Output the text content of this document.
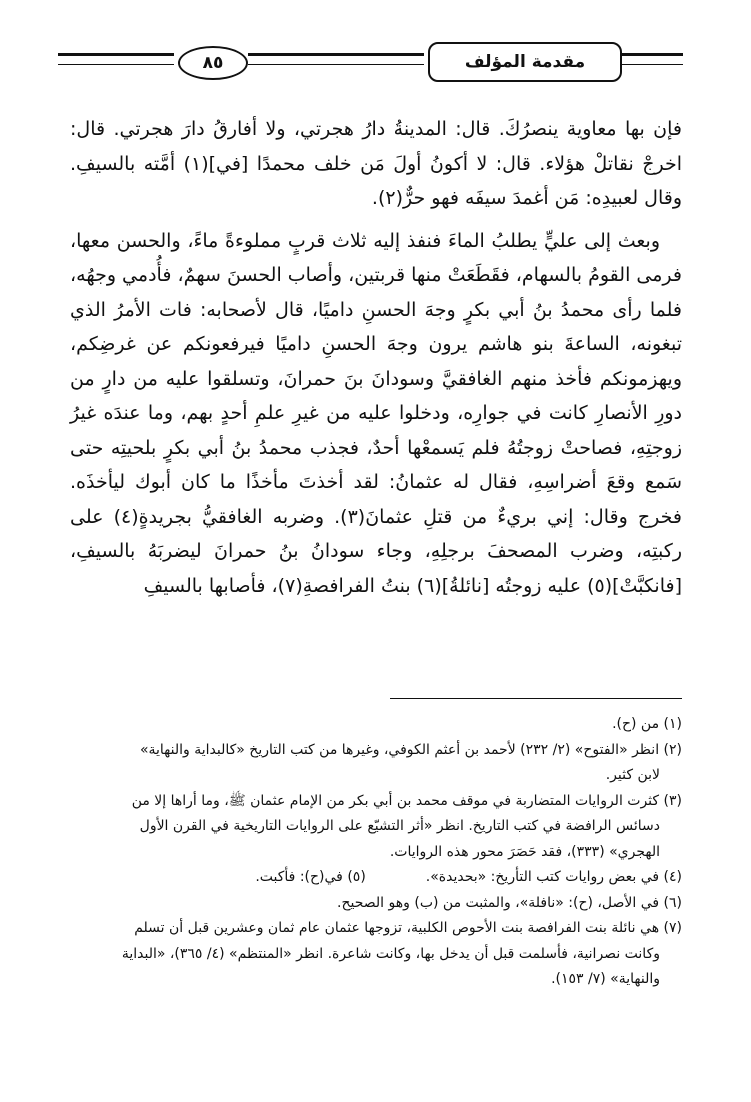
٨٥	مقدمة المؤلف

فإن بها معاوية ينصرُكَ. قال: المدينةُ دارُ هجرتي، ولا أفارقُ دارَ هجرتي. قال: اخرجْ نقاتلْ هؤلاء. قال: لا أكونُ أولَ مَن خلف محمدًا [في](١) أمَّته بالسيفِ. وقال لعبيدِه: مَن أغمدَ سيفَه فهو حرٌّ(٢).

وبعث إلى عليٍّ يطلبُ الماءَ فنفذ إليه ثلاث قربٍ مملوءةً ماءً، والحسن معها، فرمى القومُ بالسهام، فقَطَعَتْ منها قربتين، وأصاب الحسنَ سهمٌ، فأُدمي وجهُه، فلما رأى محمدُ بنُ أبي بكرٍ وجهَ الحسنِ داميًا، قال لأصحابه: فات الأمرُ الذي تبغونه، الساعةَ بنو هاشم يرون وجهَ الحسنِ داميًا فيرفعونكم عن غرضِكم، ويهزمونكم فأخذ منهم الغافقيَّ وسودانَ بنَ حمرانَ، وتسلقوا عليه من دارٍ من دورِ الأنصارِ كانت في جوارِه، ودخلوا عليه من غيرِ علمِ أحدٍ بهم، وما عندَه غيرُ زوجتِهِ، فصاحتْ زوجتُهُ فلم يَسمعْها أحدٌ، فجذب محمدُ بنُ أبي بكرٍ بلحيتِه حتى سَمع وقعَ أضراسِهِ، فقال له عثمانُ: لقد أخذتَ مأخذًا ما كان أبوك ليأخذَه. فخرج وقال: إني بريءٌ من قتلِ عثمانَ(٣). وضربه الغافقيُّ بجريدةٍ(٤) على ركبتِه، وضرب المصحفَ برجلِهِ، وجاء سودانُ بنُ حمرانَ ليضربَهُ بالسيفِ، [فانكبَّتْ](٥) عليه زوجتُه [نائلةُ](٦) بنتُ الفرافصةِ(٧)، فأصابها بالسيفِ

(١) من (ح).

(٢) انظر «الفتوح» (٢/ ٢٣٢) لأحمد بن أعثم الكوفي، وغيرها من كتب التاريخ «كالبداية والنهاية»

لابن كثير.

(٣) كثرت الروايات المتضاربة في موقف محمد بن أبي بكر من الإمام عثمان ﷺ، وما أراها إلا من

دسائس الرافضة في كتب التاريخ. انظر «أثر التشيّع على الروايات التاريخية في القرن الأول

الهجري» (٣٣٣)، فقد حَصَرَ محور هذه الروايات.

(٤) في بعض روايات كتب التأريخ: «بحديدة».

(٥) في(ح): فأكبت.

(٦) في الأصل، (ح): «نافلة»، والمثبت من (ب) وهو الصحيح.

(٧) هي نائلة بنت الفرافصة بنت الأحوص الكلبية، تزوجها عثمان عام ثمان وعشرين قبل أن تسلم

وكانت نصرانية، فأسلمت قبل أن يدخل بها، وكانت شاعرة. انظر «المنتظم» (٤/ ٣٦٥)، «البداية

والنهاية» (٧/ ١٥٣).
